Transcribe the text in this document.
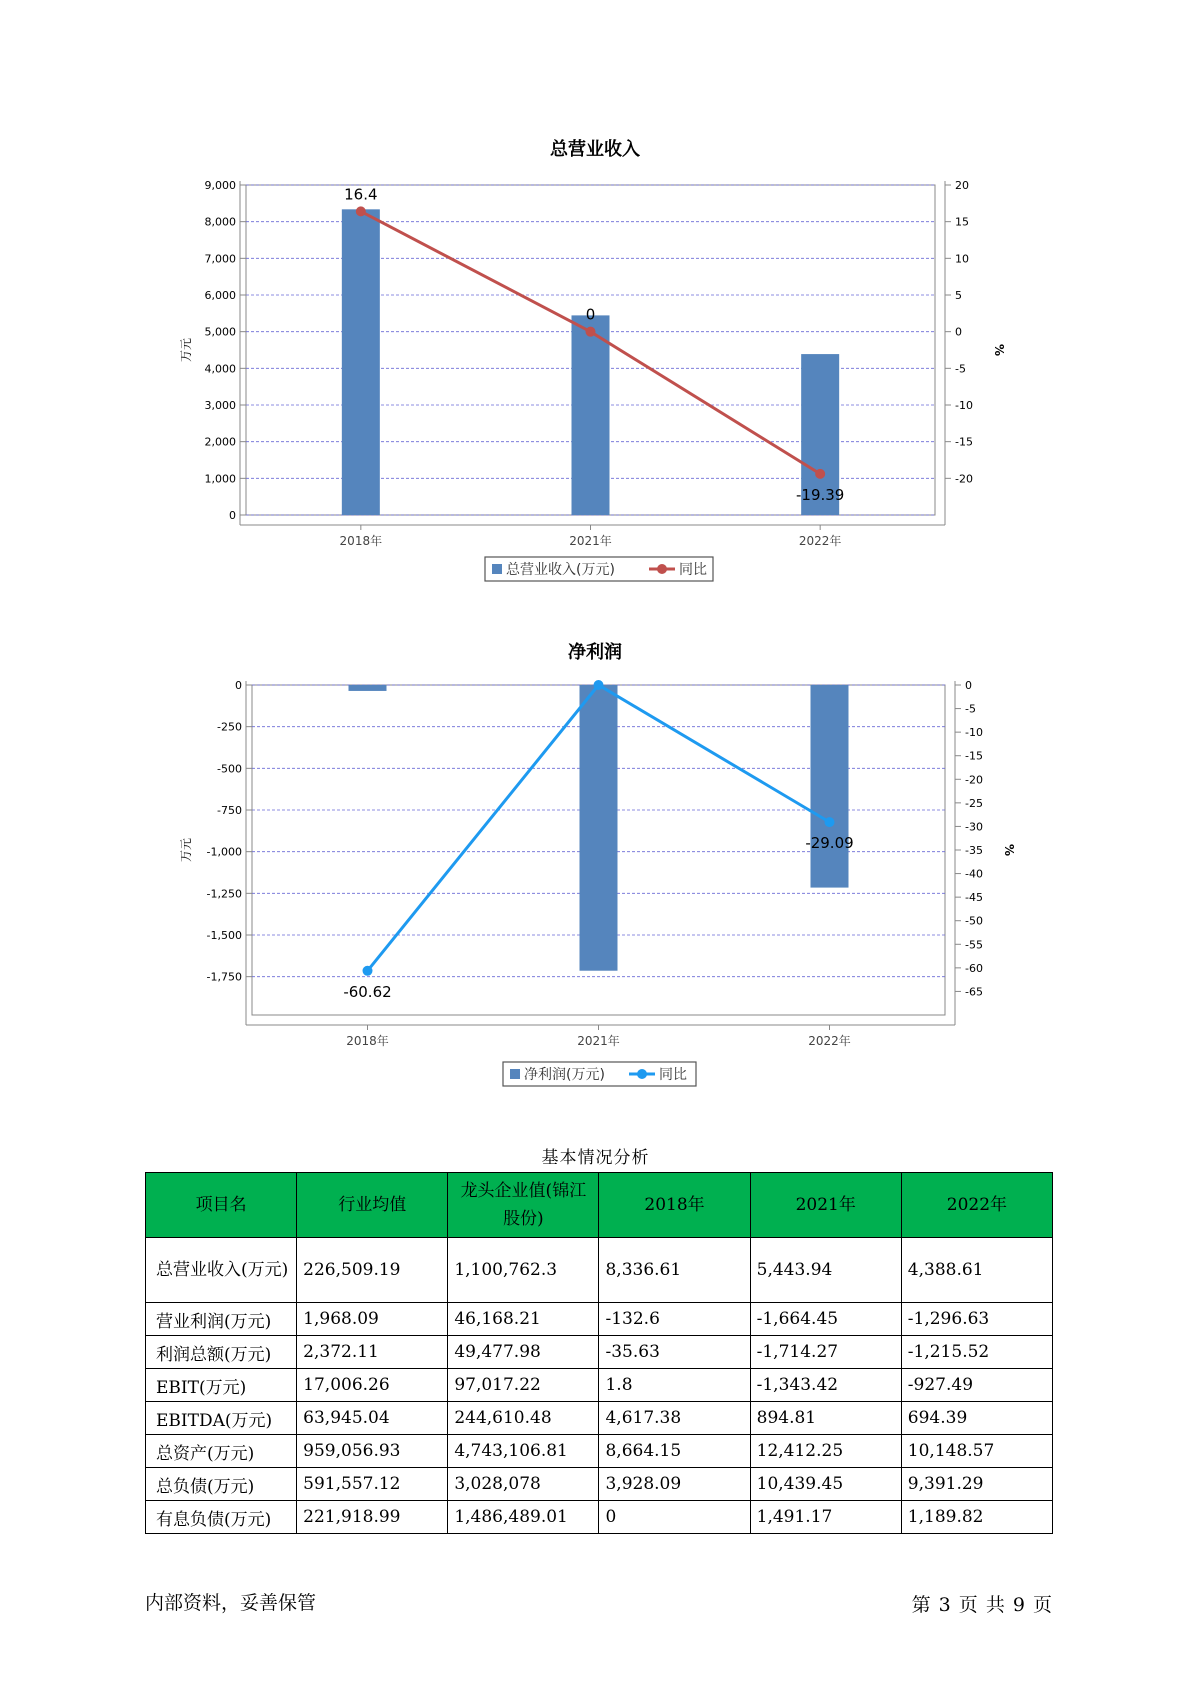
总营业收入
0
1,000
2,000
3,000
4,000
5,000
6,000
7,000
8,000
9,000
-20
-15
-10
-5
0
5
10
15
20
万元	%
2018年	2021年	2022年
16.4
0
-19.39
总营业收入(万元)	同比
净利润
0
-250
-500
-750
-1,000
-1,250
-1,500
-1,750
0
-5
-10
-15
-20
-25
-30
-35
-40
-45
-50
-55
-60
-65
万元	%
2018年	2021年	2022年
-60.62
-29.09
净利润(万元)	同比
基本情况分析
项目名	行业均值	龙头企业值(锦江股份)	2018年	2021年	2022年
总营业收入(万元)	226,509.19	1,100,762.3	8,336.61	5,443.94	4,388.61
营业利润(万元)	1,968.09	46,168.21	-132.6	-1,664.45	-1,296.63
利润总额(万元)	2,372.11	49,477.98	-35.63	-1,714.27	-1,215.52
EBIT(万元)	17,006.26	97,017.22	1.8	-1,343.42	-927.49
EBITDA(万元)	63,945.04	244,610.48	4,617.38	894.81	694.39
总资产(万元)	959,056.93	4,743,106.81	8,664.15	12,412.25	10,148.57
总负债(万元)	591,557.12	3,028,078	3,928.09	10,439.45	9,391.29
有息负债(万元)	221,918.99	1,486,489.01	0	1,491.17	1,189.82
内部资料，妥善保管	第 3 页 共 9 页
